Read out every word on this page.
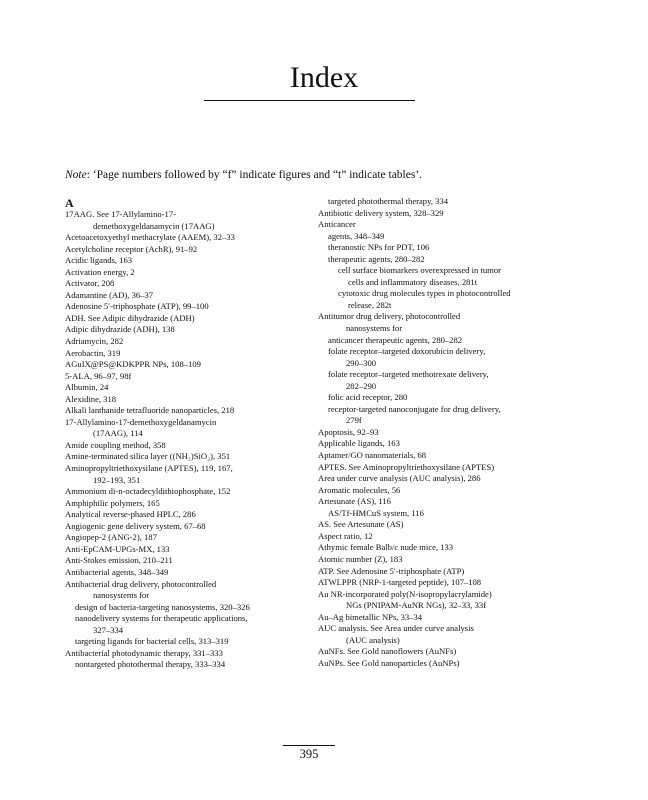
Index
Note: ‘Page numbers followed by “f” indicate figures and “t” indicate tables’.
A
17AAG. See 17-Allylamino-17-
demethoxygeldanamycin (17AAG)
Acetoacetoxyethyl methacrylate (AAEM), 32–33
Acetylcholine receptor (AchR), 91–92
Acidic ligands, 163
Activation energy, 2
Activator, 208
Adamantine (AD), 36–37
Adenosine 5′-triphosphate (ATP), 99–100
ADH. See Adipic dihydrazide (ADH)
Adipic dihydrazide (ADH), 138
Adriamycin, 282
Aerobactin, 319
AGuIX@PS@KDKPPR NPs, 108–109
5-ALA, 96–97, 98f
Albumin, 24
Alexidine, 318
Alkali lanthanide tetrafluoride nanoparticles, 218
17-Allylamino-17-demethoxygeldanamycin
(17AAG), 114
Amide coupling method, 358
Amine-terminated silica layer ((NH₂)SiO₂), 351
Aminopropyltriethoxysilane (APTES), 119, 167,
192–193, 351
Ammonium di-n-octadecyldithiophosphate, 152
Amphiphilic polymers, 165
Analytical reverse-phased HPLC, 286
Angiogenic gene delivery system, 67–68
Angiopep-2 (ANG-2), 187
Anti-EpCAM-UPGs-MX, 133
Anti-Stokes emission, 210–211
Antibacterial agents, 348–349
Antibacterial drug delivery, photocontrolled
nanosystems for
design of bacteria-targeting nanosystems, 320–326
nanodelivery systems for therapeutic applications,
327–334
targeting ligands for bacterial cells, 313–319
Antibacterial photodynamic therapy, 331–333
nontargeted photothermal therapy, 333–334
targeted photothermal therapy, 334
Antibiotic delivery system, 328–329
Anticancer
agents, 348–349
theranostic NPs for PDT, 106
therapeutic agents, 280–282
cell surface biomarkers overexpressed in tumor
cells and inflammatory diseases, 281t
cytotoxic drug molecules types in photocontrolled
release, 282t
Antitumor drug delivery, photocontrolled
nanosystems for
anticancer therapeutic agents, 280–282
folate receptor–targeted doxorubicin delivery,
290–300
folate receptor–targeted methotrexate delivery,
282–290
folic acid receptor, 280
receptor-targeted nanoconjugate for drug delivery,
279f
Apoptosis, 92–93
Applicable ligands, 163
Aptamer/GO nanomaterials, 68
APTES. See Aminopropyltriethoxysilane (APTES)
Area under curve analysis (AUC analysis), 286
Aromatic molecules, 56
Artesunate (AS), 116
AS/Tf-HMCuS system, 116
AS. See Artesunate (AS)
Aspect ratio, 12
Athymic female Balb/c nude mice, 133
Atomic number (Z), 183
ATP. See Adenosine 5′-triphosphate (ATP)
ATWLPPR (NRP-1-targeted peptide), 107–108
Au NR-incorporated poly(N-isopropylacrylamide)
NGs (PNIPAM-AuNR NGs), 32–33, 33f
Au–Ag bimetallic NPs, 33–34
AUC analysis. See Area under curve analysis
(AUC analysis)
AuNFs. See Gold nanoflowers (AuNFs)
AuNPs. See Gold nanoparticles (AuNPs)
395
